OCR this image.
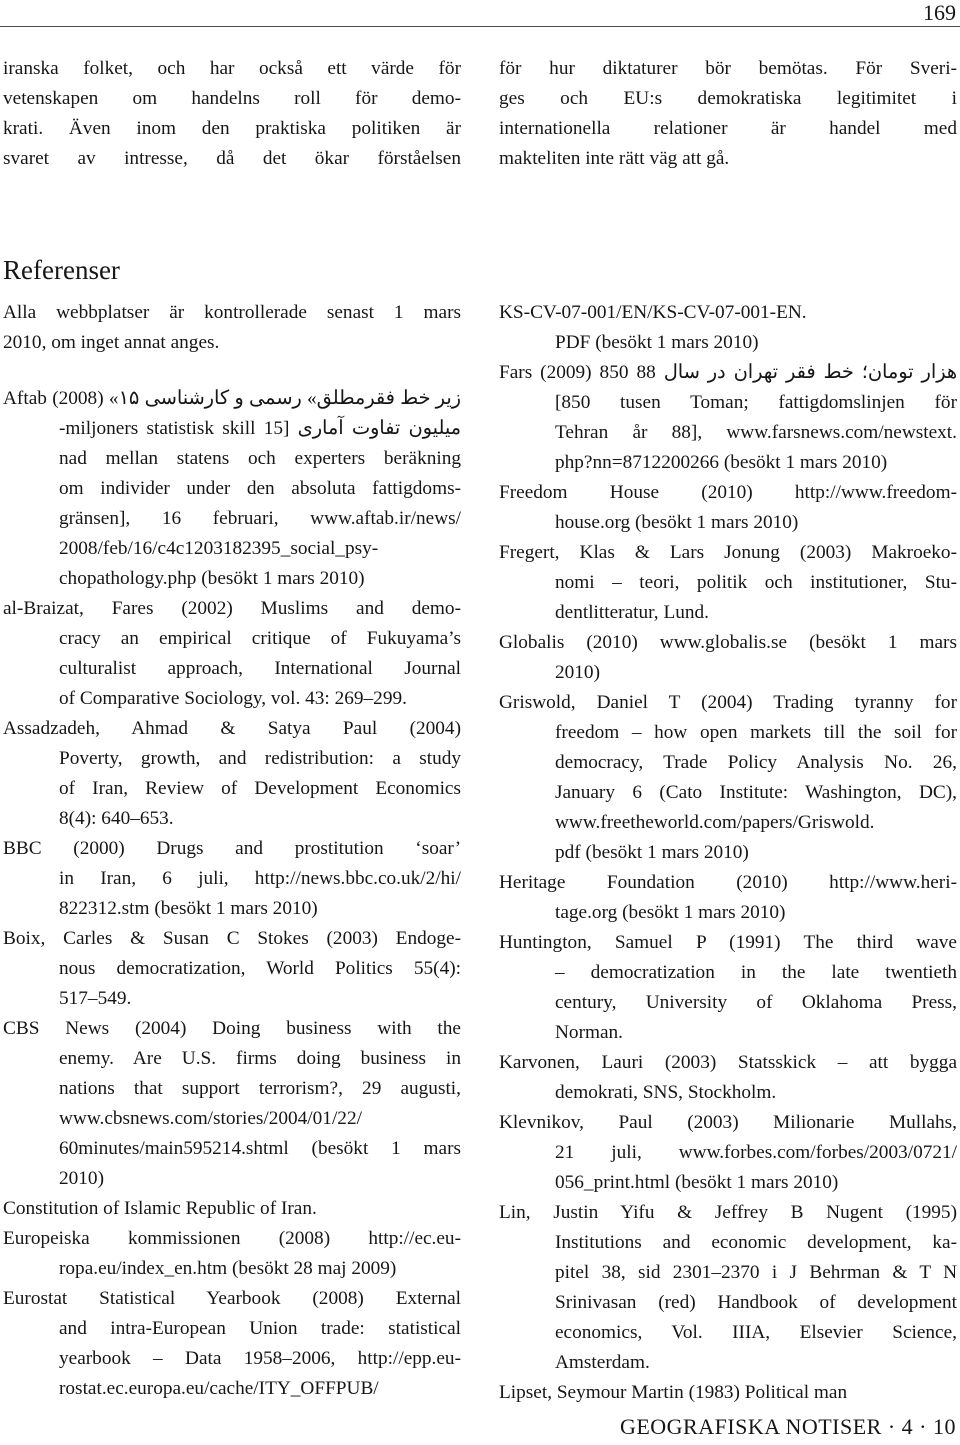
169
iranska folket, och har också ett värde för
vetenskapen om handelns roll för demo-
krati. Även inom den praktiska politiken är
svaret av intresse, då det ökar förståelsen
för hur diktaturer bör bemötas. För Sveri-
ges och EU:s demokratiska legitimitet i
internationella relationer är handel med
makteliten inte rätt väg att gå.
Referenser
Alla webbplatser är kontrollerade senast 1 mars
2010, om inget annat anges.
Aftab (2008) «زیر خط فقرمطلق» رسمی و کارشناسی ۱۵
میلیون تفاوت آماری [15 miljoners statistisk skill-
nad mellan statens och experters beräkning
om individer under den absoluta fattigdoms-
gränsen], 16 februari, www.aftab.ir/news/
2008/feb/16/c4c1203182395_social_psy-
chopathology.php (besökt 1 mars 2010)
al-Braizat, Fares (2002) Muslims and demo-
cracy an empirical critique of Fukuyama’s
culturalist approach, International Journal
of Comparative Sociology, vol. 43: 269–299.
Assadzadeh, Ahmad & Satya Paul (2004)
Poverty, growth, and redistribution: a study
of Iran, Review of Development Economics
8(4): 640–653.
BBC (2000) Drugs and prostitution ‘soar’
in Iran, 6 juli, http://news.bbc.co.uk/2/hi/
822312.stm (besökt 1 mars 2010)
Boix, Carles & Susan C Stokes (2003) Endoge-
nous democratization, World Politics 55(4):
517–549.
CBS News (2004) Doing business with the
enemy. Are U.S. firms doing business in
nations that support terrorism?, 29 augusti,
www.cbsnews.com/stories/2004/01/22/
60minutes/main595214.shtml (besökt 1 mars
2010)
Constitution of Islamic Republic of Iran.
Europeiska kommissionen (2008) http://ec.eu-
ropa.eu/index_en.htm (besökt 28 maj 2009)
Eurostat Statistical Yearbook (2008) External
and intra-European Union trade: statistical
yearbook – Data 1958–2006, http://epp.eu-
rostat.ec.europa.eu/cache/ITY_OFFPUB/
KS-CV-07-001/EN/KS-CV-07-001-EN.
PDF (besökt 1 mars 2010)
Fars (2009) 850 هزار تومان؛ خط فقر تهران در سال 88
[850 tusen Toman; fattigdomslinjen för
Tehran år 88], www.farsnews.com/newstext.
php?nn=8712200266 (besökt 1 mars 2010)
Freedom House (2010) http://www.freedom-
house.org (besökt 1 mars 2010)
Fregert, Klas & Lars Jonung (2003) Makroeko-
nomi – teori, politik och institutioner, Stu-
dentlitteratur, Lund.
Globalis (2010) www.globalis.se (besökt 1 mars
2010)
Griswold, Daniel T (2004) Trading tyranny for
freedom – how open markets till the soil for
democracy, Trade Policy Analysis No. 26,
January 6 (Cato Institute: Washington, DC),
www.freetheworld.com/papers/Griswold.
pdf (besökt 1 mars 2010)
Heritage Foundation (2010) http://www.heri-
tage.org (besökt 1 mars 2010)
Huntington, Samuel P (1991) The third wave
– democratization in the late twentieth
century, University of Oklahoma Press,
Norman.
Karvonen, Lauri (2003) Statsskick – att bygga
demokrati, SNS, Stockholm.
Klevnikov, Paul (2003) Milionarie Mullahs,
21 juli, www.forbes.com/forbes/2003/0721/
056_print.html (besökt 1 mars 2010)
Lin, Justin Yifu & Jeffrey B Nugent (1995)
Institutions and economic development, ka-
pitel 38, sid 2301–2370 i J Behrman & T N
Srinivasan (red) Handbook of development
economics, Vol. IIIA, Elsevier Science,
Amsterdam.
Lipset, Seymour Martin (1983) Political man
GEOGRAFISKA NOTISER · 4 · 10
